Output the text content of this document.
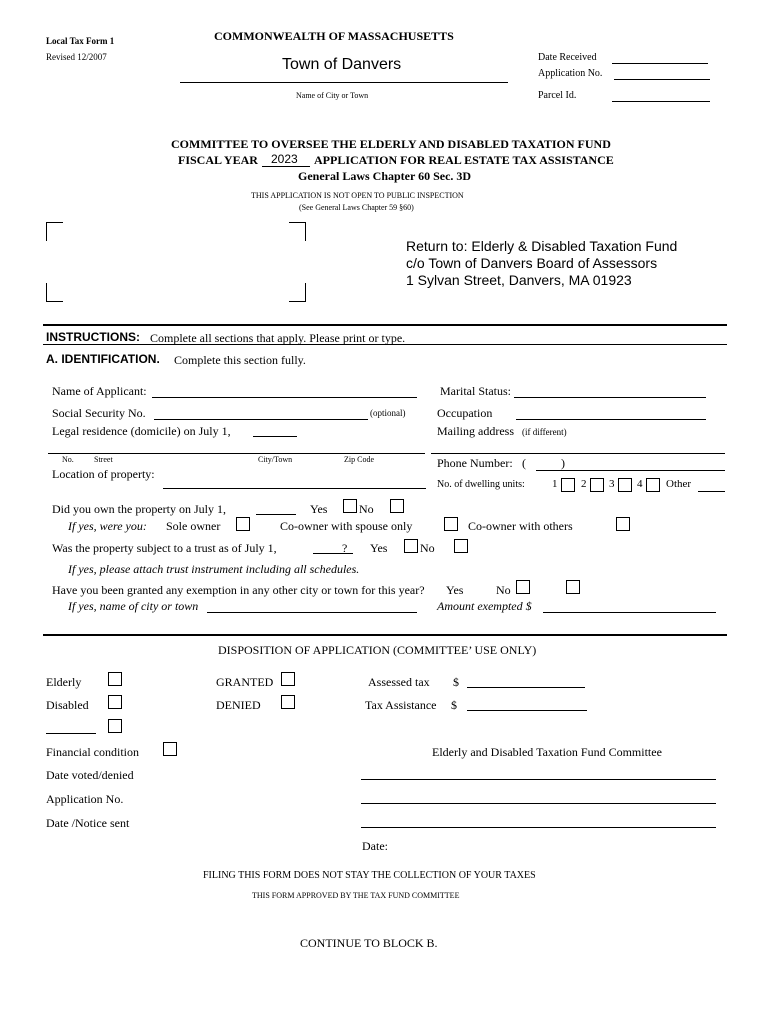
Local Tax Form 1
Revised 12/2007
COMMONWEALTH OF MASSACHUSETTS
Town of Danvers
Name of City or Town
Date Received
Application No.
Parcel Id.
COMMITTEE TO OVERSEE THE ELDERLY AND DISABLED TAXATION FUND
FISCAL YEAR 2023 APPLICATION FOR REAL ESTATE TAX ASSISTANCE
General Laws Chapter 60 Sec. 3D
THIS APPLICATION IS NOT OPEN TO PUBLIC INSPECTION
(See General Laws Chapter 59 §60)
Return to: Elderly & Disabled Taxation Fund
c/o Town of Danvers Board of Assessors
1 Sylvan Street, Danvers, MA 01923
INSTRUCTIONS: Complete all sections that apply. Please print or type.
A. IDENTIFICATION. Complete this section fully.
Name of Applicant:	Marital Status:
Social Security No.	(optional)	Occupation
Legal residence (domicile) on July 1,	Mailing address (if different)
No.	Street	City/Town	Zip Code
Location of property:
Phone Number: (	)
No. of dwelling units: 1 2 3 4 Other
Did you own the property on July 1,	Yes	No
If yes, were you: Sole owner	Co-owner with spouse only	Co-owner with others
Was the property subject to a trust as of July 1,	? Yes	No
If yes, please attach trust instrument including all schedules.
Have you been granted any exemption in any other city or town for this year? Yes	No
If yes, name of city or town	Amount exempted $
DISPOSITION OF APPLICATION (COMMITTEE’ USE ONLY)
Elderly	GRANTED	Assessed tax $
Disabled	DENIED	Tax Assistance $
Financial condition	Elderly and Disabled Taxation Fund Committee
Date voted/denied
Application No.
Date /Notice sent
Date:
FILING THIS FORM DOES NOT STAY THE COLLECTION OF YOUR TAXES
THIS FORM APPROVED BY THE TAX FUND COMMITTEE
CONTINUE TO BLOCK B.
